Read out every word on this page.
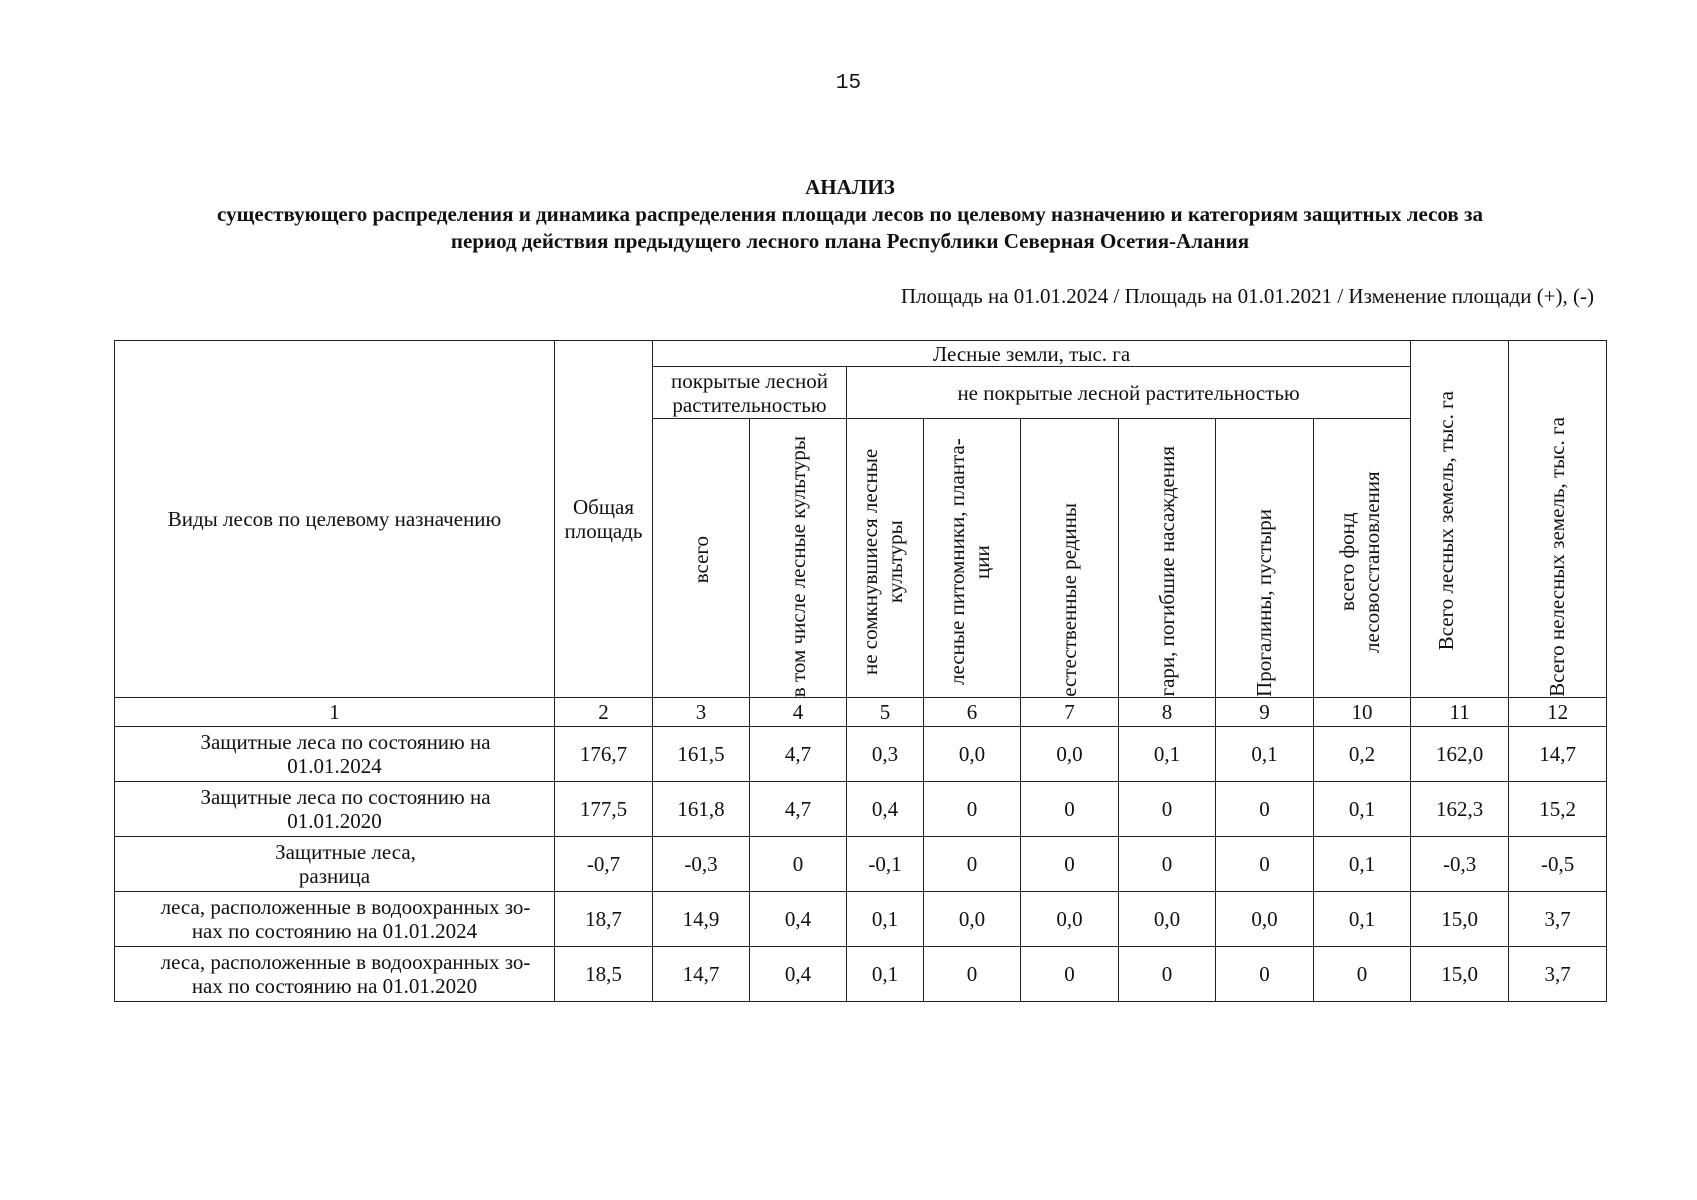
15
АНАЛИЗ
существующего распределения и динамика распределения площади лесов по целевому назначению и категориям защитных лесов за
период действия предыдущего лесного плана Республики Северная Осетия-Алания
Площадь на 01.01.2024 / Площадь на 01.01.2021 / Изменение площади (+), (-)
Виды лесов по целевому назначению	Общая площадь	Лесные земли, тыс. га								Всего лесных земель, тыс. га	Всего нелесных земель, тыс. га

		покрытые лесной растительностью		не покрытые лесной растительностью							

		всего	в том числе лесные культуры	не сомкнувшиеся лесные культуры	лесные питомники, планта-ции	естественные редины	гари, погибшие насаждения	Прогалины, пустыри	всего фонд лесовосстановления		

1	2	3	4	5	6	7	8	9	10	11	12
Защитные леса по состоянию на
01.01.2024	176,7	161,5	4,7	0,3	0,0	0,0	0,1	0,1	0,2	162,0	14,7
Защитные леса по состоянию на
01.01.2020	177,5	161,8	4,7	0,4	0	0	0	0	0,1	162,3	15,2
Защитные леса,
разница	-0,7	-0,3	0	-0,1	0	0	0	0	0,1	-0,3	-0,5
леса, расположенные в водоохранных зо-
нах по состоянию на 01.01.2024	18,7	14,9	0,4	0,1	0,0	0,0	0,0	0,0	0,1	15,0	3,7
леса, расположенные в водоохранных зо-
нах по состоянию на 01.01.2020	18,5	14,7	0,4	0,1	0	0	0	0	0	15,0	3,7
